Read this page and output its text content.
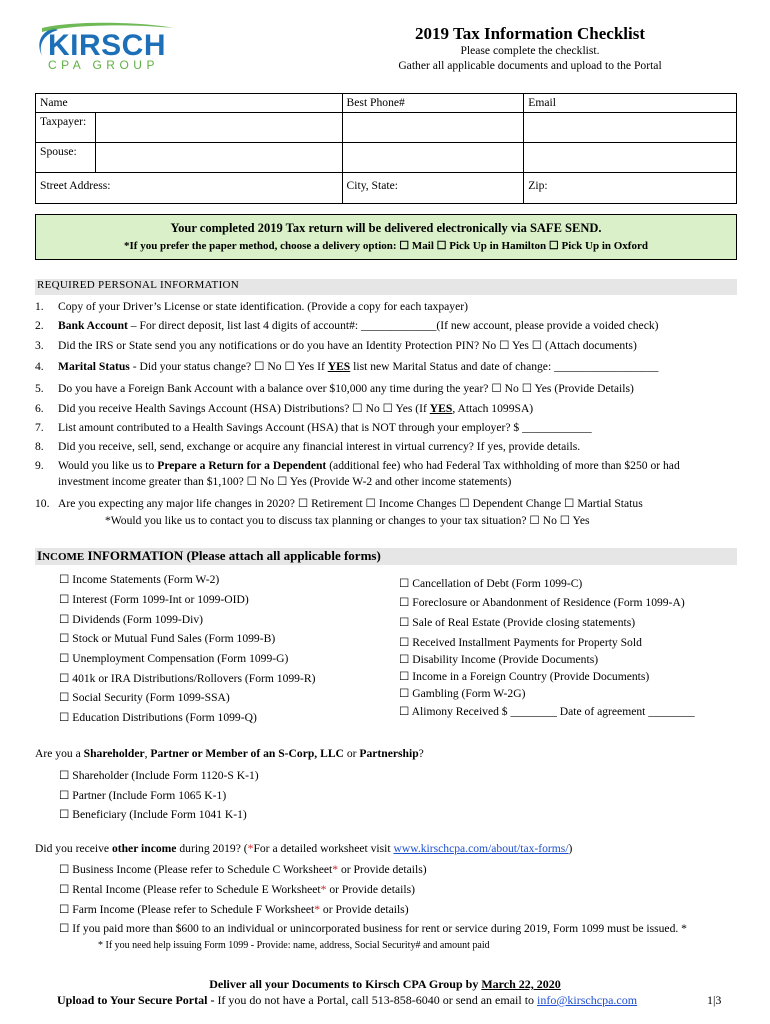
KIRSCH
CPA GROUP
2019 Tax Information Checklist
Please complete the checklist.
Gather all applicable documents and upload to the Portal
Name		Best Phone#	Email
Taxpayer:			
Spouse:			
Street Address:		City, State:	Zip:
Your completed 2019 Tax return will be delivered electronically via SAFE SEND.
*If you prefer the paper method, choose a delivery option: ☐ Mail ☐ Pick Up in Hamilton ☐ Pick Up in Oxford
REQUIRED PERSONAL INFORMATION
1. Copy of your Driver’s License or state identification. (Provide a copy for each taxpayer)
2. Bank Account – For direct deposit, list last 4 digits of account#: _____________(If new account, please provide a voided check)
3. Did the IRS or State send you any notifications or do you have an Identity Protection PIN? No ☐ Yes ☐ (Attach documents)
4. Marital Status - Did your status change? ☐ No ☐ Yes If YES list new Marital Status and date of change: __________________
5. Do you have a Foreign Bank Account with a balance over $10,000 any time during the year? ☐ No ☐ Yes (Provide Details)
6. Did you receive Health Savings Account (HSA) Distributions? ☐ No ☐ Yes (If YES, Attach 1099SA)
7. List amount contributed to a Health Savings Account (HSA) that is NOT through your employer? $ ____________
8. Did you receive, sell, send, exchange or acquire any financial interest in virtual currency? If yes, provide details.
9. Would you like us to Prepare a Return for a Dependent (additional fee) who had Federal Tax withholding of more than $250 or had
investment income greater than $1,100? ☐ No ☐ Yes (Provide W-2 and other income statements)
10. Are you expecting any major life changes in 2020? ☐ Retirement ☐ Income Changes ☐ Dependent Change ☐ Martial Status
*Would you like us to contact you to discuss tax planning or changes to your tax situation? ☐ No ☐ Yes
INCOME INFORMATION (Please attach all applicable forms)
☐ Income Statements (Form W-2)
☐ Interest (Form 1099-Int or 1099-OID)
☐ Dividends (Form 1099-Div)
☐ Stock or Mutual Fund Sales (Form 1099-B)
☐ Unemployment Compensation (Form 1099-G)
☐ 401k or IRA Distributions/Rollovers (Form 1099-R)
☐ Social Security (Form 1099-SSA)
☐ Education Distributions (Form 1099-Q)
☐ Cancellation of Debt (Form 1099-C)
☐ Foreclosure or Abandonment of Residence (Form 1099-A)
☐ Sale of Real Estate (Provide closing statements)
☐ Received Installment Payments for Property Sold
☐ Disability Income (Provide Documents)
☐ Income in a Foreign Country (Provide Documents)
☐ Gambling (Form W-2G)
☐ Alimony Received $ ________ Date of agreement ________
Are you a Shareholder, Partner or Member of an S-Corp, LLC or Partnership?
☐ Shareholder (Include Form 1120-S K-1)
☐ Partner (Include Form 1065 K-1)
☐ Beneficiary (Include Form 1041 K-1)
Did you receive other income during 2019? (*For a detailed worksheet visit www.kirschcpa.com/about/tax-forms/)
☐ Business Income (Please refer to Schedule C Worksheet* or Provide details)
☐ Rental Income (Please refer to Schedule E Worksheet* or Provide details)
☐ Farm Income (Please refer to Schedule F Worksheet* or Provide details)
☐ If you paid more than $600 to an individual or unincorporated business for rent or service during 2019, Form 1099 must be issued. *
* If you need help issuing Form 1099 - Provide: name, address, Social Security# and amount paid
Deliver all your Documents to Kirsch CPA Group by March 22, 2020
Upload to Your Secure Portal - If you do not have a Portal, call 513-858-6040 or send an email to info@kirschcpa.com	1|3
